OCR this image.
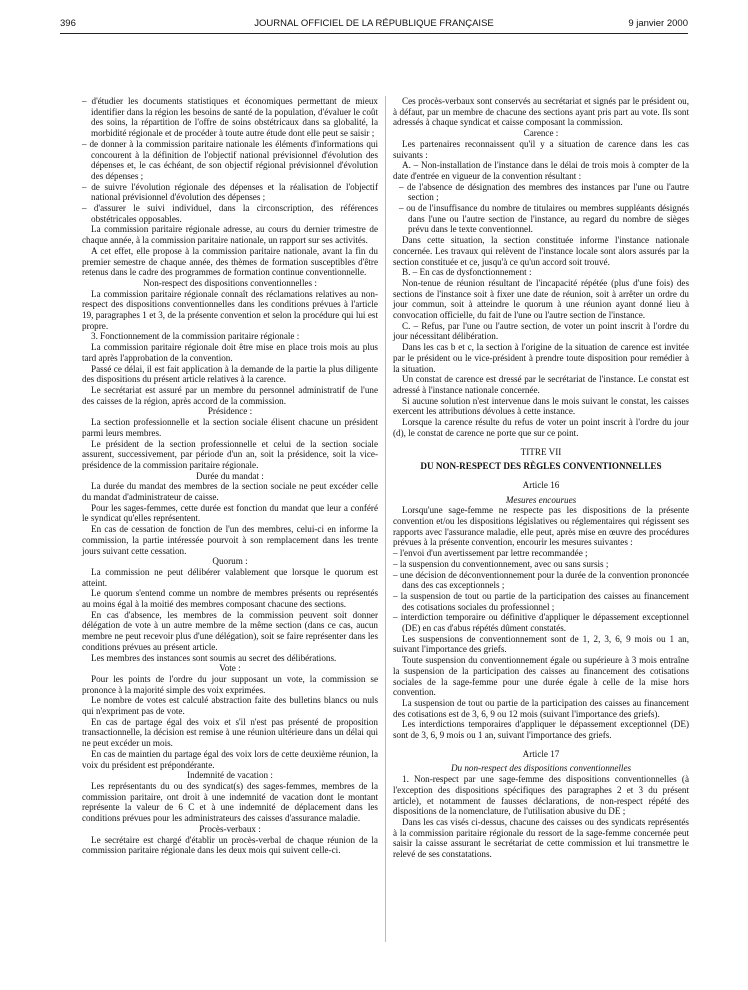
396	JOURNAL OFFICIEL DE LA RÉPUBLIQUE FRANÇAISE	9 janvier 2000

– d'étudier les documents statistiques et économiques permettant de mieux identifier dans la région les besoins de santé de la population, d'évaluer le coût des soins, la répartition de l'offre de soins obstétricaux dans sa globalité, la morbidité régionale et de procéder à toute autre étude dont elle peut se saisir ;

– de donner à la commission paritaire nationale les éléments d'informations qui concourent à la définition de l'objectif national prévisionnel d'évolution des dépenses et, le cas échéant, de son objectif régional prévisionnel d'évolution des dépenses ;

– de suivre l'évolution régionale des dépenses et la réalisation de l'objectif national prévisionnel d'évolution des dépenses ;

– d'assurer le suivi individuel, dans la circonscription, des références obstétricales opposables.

La commission paritaire régionale adresse, au cours du dernier trimestre de chaque année, à la commission paritaire nationale, un rapport sur ses activités.

A cet effet, elle propose à la commission paritaire nationale, avant la fin du premier semestre de chaque année, des thèmes de formation susceptibles d'être retenus dans le cadre des programmes de formation continue conventionnelle.

Non-respect des dispositions conventionnelles :

La commission paritaire régionale connaît des réclamations relatives au non-respect des dispositions conventionnelles dans les conditions prévues à l'article 19, paragraphes 1 et 3, de la présente convention et selon la procédure qui lui est propre.

3. Fonctionnement de la commission paritaire régionale :

La commission paritaire régionale doit être mise en place trois mois au plus tard après l'approbation de la convention.

Passé ce délai, il est fait application à la demande de la partie la plus diligente des dispositions du présent article relatives à la carence.

Le secrétariat est assuré par un membre du personnel administratif de l'une des caisses de la région, après accord de la commission.

Présidence :

La section professionnelle et la section sociale élisent chacune un président parmi leurs membres.

Le président de la section professionnelle et celui de la section sociale assurent, successivement, par période d'un an, soit la présidence, soit la vice-présidence de la commission paritaire régionale.

Durée du mandat :

La durée du mandat des membres de la section sociale ne peut excéder celle du mandat d'administrateur de caisse.

Pour les sages-femmes, cette durée est fonction du mandat que leur a conféré le syndicat qu'elles représentent.

En cas de cessation de fonction de l'un des membres, celui-ci en informe la commission, la partie intéressée pourvoit à son remplacement dans les trente jours suivant cette cessation.

Quorum :

La commission ne peut délibérer valablement que lorsque le quorum est atteint.

Le quorum s'entend comme un nombre de membres présents ou représentés au moins égal à la moitié des membres composant chacune des sections.

En cas d'absence, les membres de la commission peuvent soit donner délégation de vote à un autre membre de la même section (dans ce cas, aucun membre ne peut recevoir plus d'une délégation), soit se faire représenter dans les conditions prévues au présent article.

Les membres des instances sont soumis au secret des délibérations.

Vote :

Pour les points de l'ordre du jour supposant un vote, la commission se prononce à la majorité simple des voix exprimées.

Le nombre de votes est calculé abstraction faite des bulletins blancs ou nuls qui n'expriment pas de vote.

En cas de partage égal des voix et s'il n'est pas présenté de proposition transactionnelle, la décision est remise à une réunion ultérieure dans un délai qui ne peut excéder un mois.

En cas de maintien du partage égal des voix lors de cette deuxième réunion, la voix du président est prépondérante.

Indemnité de vacation :

Les représentants du ou des syndicat(s) des sages-femmes, membres de la commission paritaire, ont droit à une indemnité de vacation dont le montant représente la valeur de 6 C et à une indemnité de déplacement dans les conditions prévues pour les administrateurs des caisses d'assurance maladie.

Procès-verbaux :

Le secrétaire est chargé d'établir un procès-verbal de chaque réunion de la commission paritaire régionale dans les deux mois qui suivent celle-ci.

Ces procès-verbaux sont conservés au secrétariat et signés par le président ou, à défaut, par un membre de chacune des sections ayant pris part au vote. Ils sont adressés à chaque syndicat et caisse composant la commission.

Carence :

Les partenaires reconnaissent qu'il y a situation de carence dans les cas suivants :

A. – Non-installation de l'instance dans le délai de trois mois à compter de la date d'entrée en vigueur de la convention résultant :

– de l'absence de désignation des membres des instances par l'une ou l'autre section ;

– ou de l'insuffisance du nombre de titulaires ou membres suppléants désignés dans l'une ou l'autre section de l'instance, au regard du nombre de sièges prévu dans le texte conventionnel.

Dans cette situation, la section constituée informe l'instance nationale concernée. Les travaux qui relèvent de l'instance locale sont alors assurés par la section constituée et ce, jusqu'à ce qu'un accord soit trouvé.

B. – En cas de dysfonctionnement :

Non-tenue de réunion résultant de l'incapacité répétée (plus d'une fois) des sections de l'instance soit à fixer une date de réunion, soit à arrêter un ordre du jour commun, soit à atteindre le quorum à une réunion ayant donné lieu à convocation officielle, du fait de l'une ou l'autre section de l'instance.

C. – Refus, par l'une ou l'autre section, de voter un point inscrit à l'ordre du jour nécessitant délibération.

Dans les cas b et c, la section à l'origine de la situation de carence est invitée par le président ou le vice-président à prendre toute disposition pour remédier à la situation.

Un constat de carence est dressé par le secrétariat de l'instance. Le constat est adressé à l'instance nationale concernée.

Si aucune solution n'est intervenue dans le mois suivant le constat, les caisses exercent les attributions dévolues à cette instance.

Lorsque la carence résulte du refus de voter un point inscrit à l'ordre du jour (d), le constat de carence ne porte que sur ce point.

TITRE VII

DU NON-RESPECT DES RÈGLES CONVENTIONNELLES

Article 16

Mesures encourues

Lorsqu'une sage-femme ne respecte pas les dispositions de la présente convention et/ou les dispositions législatives ou réglementaires qui régissent ses rapports avec l'assurance maladie, elle peut, après mise en œuvre des procédures prévues à la présente convention, encourir les mesures suivantes :

– l'envoi d'un avertissement par lettre recommandée ;

– la suspension du conventionnement, avec ou sans sursis ;

– une décision de déconventionnement pour la durée de la convention prononcée dans des cas exceptionnels ;

– la suspension de tout ou partie de la participation des caisses au financement des cotisations sociales du professionnel ;

– interdiction temporaire ou définitive d'appliquer le dépassement exceptionnel (DE) en cas d'abus répétés dûment constatés.

Les suspensions de conventionnement sont de 1, 2, 3, 6, 9 mois ou 1 an, suivant l'importance des griefs.

Toute suspension du conventionnement égale ou supérieure à 3 mois entraîne la suspension de la participation des caisses au financement des cotisations sociales de la sage-femme pour une durée égale à celle de la mise hors convention.

La suspension de tout ou partie de la participation des caisses au financement des cotisations est de 3, 6, 9 ou 12 mois (suivant l'importance des griefs).

Les interdictions temporaires d'appliquer le dépassement exceptionnel (DE) sont de 3, 6, 9 mois ou 1 an, suivant l'importance des griefs.

Article 17

Du non-respect des dispositions conventionnelles

1. Non-respect par une sage-femme des dispositions conventionnelles (à l'exception des dispositions spécifiques des paragraphes 2 et 3 du présent article), et notamment de fausses déclarations, de non-respect répété des dispositions de la nomenclature, de l'utilisation abusive du DE ;

Dans les cas visés ci-dessus, chacune des caisses ou des syndicats représentés à la commission paritaire régionale du ressort de la sage-femme concernée peut saisir la caisse assurant le secrétariat de cette commission et lui transmettre le relevé de ses constatations.
